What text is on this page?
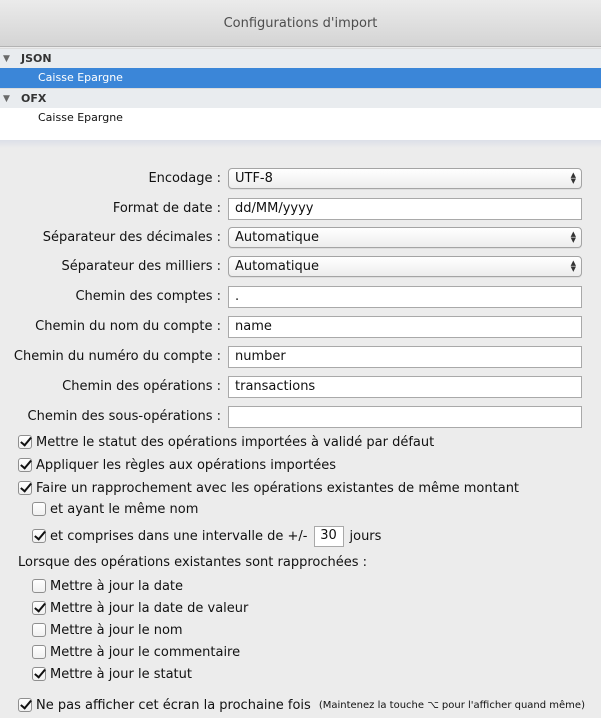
Configurations d'import
▼ JSON
Caisse Epargne
▼ OFX
Caisse Epargne
Encodage :	UTF-8	▲
▼
Format de date :	dd/MM/yyyy
Séparateur des décimales :	Automatique	▲
▼
Séparateur des milliers :	Automatique	▲
▼
Chemin des comptes :	.
Chemin du nom du compte :	name
Chemin du numéro du compte :	number
Chemin des opérations :	transactions
Chemin des sous-opérations :
Mettre le statut des opérations importées à validé par défaut
Appliquer les règles aux opérations importées
Faire un rapprochement avec les opérations existantes de même montant
et ayant le même nom
et comprises dans une intervalle de +/- 30 jours
Lorsque des opérations existantes sont rapprochées :
Mettre à jour la date
Mettre à jour la date de valeur
Mettre à jour le nom
Mettre à jour le commentaire
Mettre à jour le statut
Ne pas afficher cet écran la prochaine fois (Maintenez la touche ⌥ pour l'afficher quand même)
